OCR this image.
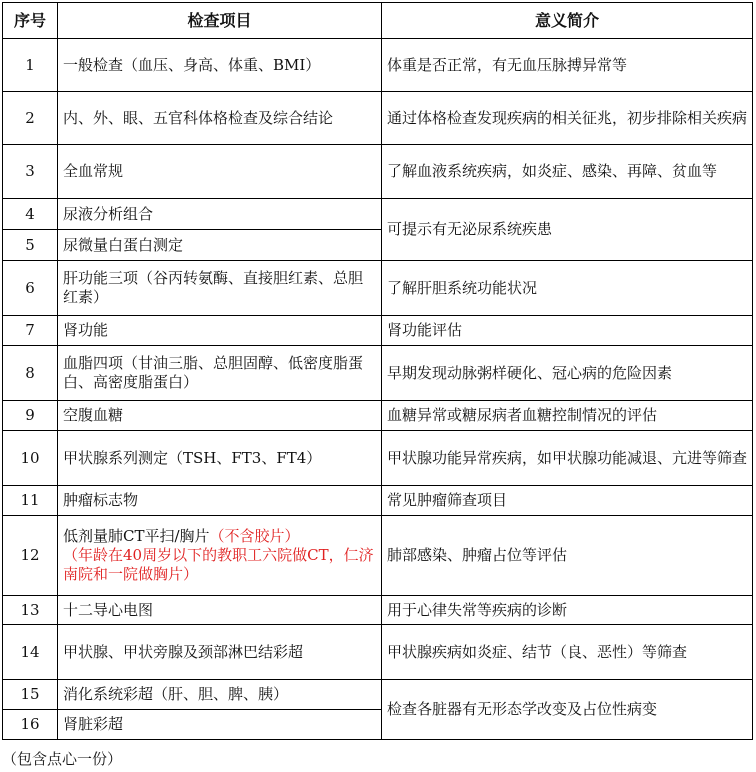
序号	检查项目	意义简介
1	一般检查（血压、身高、体重、BMI）	体重是否正常，有无血压脉搏异常等
2	内、外、眼、五官科体格检查及综合结论	通过体格检查发现疾病的相关征兆，初步排除相关疾病
3	全血常规	了解血液系统疾病，如炎症、感染、再障、贫血等
4	尿液分析组合	可提示有无泌尿系统疾患
5	尿微量白蛋白测定	
6	肝功能三项（谷丙转氨酶、直接胆红素、总胆红素）	了解肝胆系统功能状况
7	肾功能	肾功能评估
8	血脂四项（甘油三脂、总胆固醇、低密度脂蛋白、高密度脂蛋白）	早期发现动脉粥样硬化、冠心病的危险因素
9	空腹血糖	血糖异常或糖尿病者血糖控制情况的评估
10	甲状腺系列测定（TSH、FT3、FT4）	甲状腺功能异常疾病，如甲状腺功能减退、亢进等筛查
11	肿瘤标志物	常见肿瘤筛查项目
12	低剂量肺CT平扫/胸片（不含胶片）
（年龄在40周岁以下的教职工六院做CT，仁济南院和一院做胸片）	肺部感染、肿瘤占位等评估
13	十二导心电图	用于心律失常等疾病的诊断
14	甲状腺、甲状旁腺及颈部淋巴结彩超	甲状腺疾病如炎症、结节（良、恶性）等筛查
15	消化系统彩超（肝、胆、脾、胰）	检查各脏器有无形态学改变及占位性病变
16	肾脏彩超	
（包含点心一份）
